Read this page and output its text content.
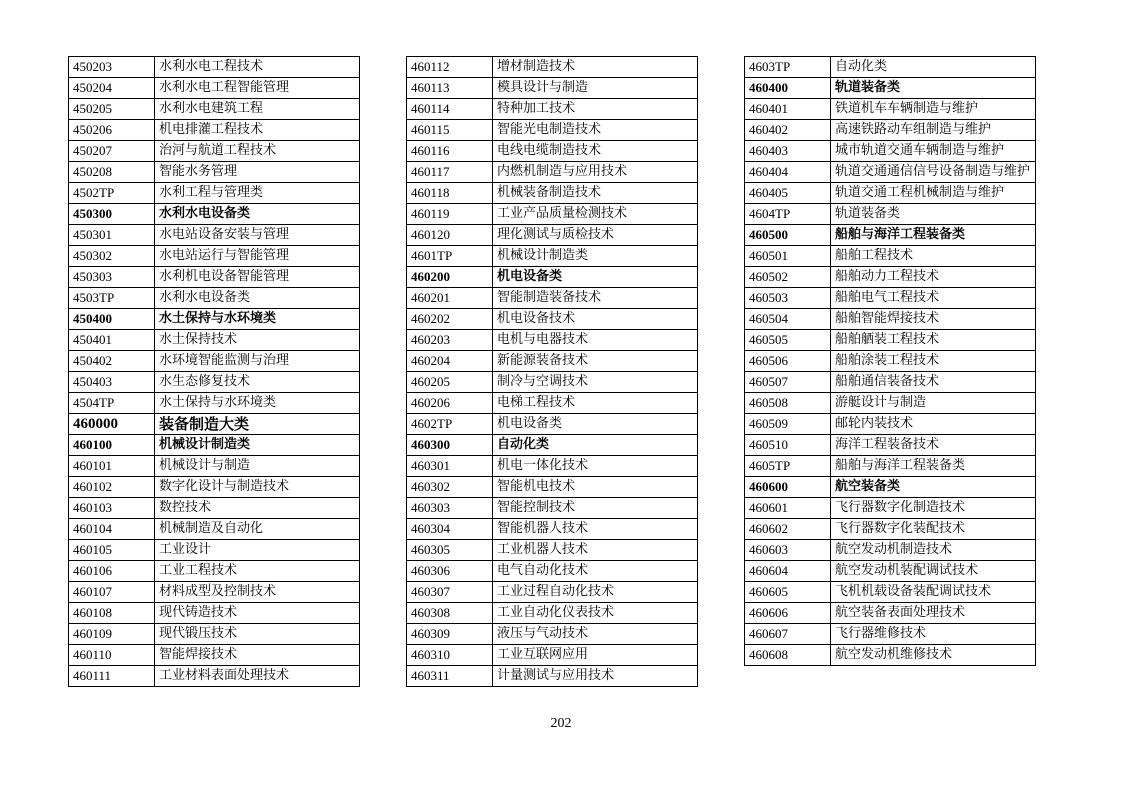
450203	水利水电工程技术
450204	水利水电工程智能管理
450205	水利水电建筑工程
450206	机电排灌工程技术
450207	治河与航道工程技术
450208	智能水务管理
4502TP	水利工程与管理类
450300	水利水电设备类
450301	水电站设备安装与管理
450302	水电站运行与智能管理
450303	水利机电设备智能管理
4503TP	水利水电设备类
450400	水土保持与水环境类
450401	水土保持技术
450402	水环境智能监测与治理
450403	水生态修复技术
4504TP	水土保持与水环境类
460000	装备制造大类
460100	机械设计制造类
460101	机械设计与制造
460102	数字化设计与制造技术
460103	数控技术
460104	机械制造及自动化
460105	工业设计
460106	工业工程技术
460107	材料成型及控制技术
460108	现代铸造技术
460109	现代锻压技术
460110	智能焊接技术
460111	工业材料表面处理技术
460112	增材制造技术
460113	模具设计与制造
460114	特种加工技术
460115	智能光电制造技术
460116	电线电缆制造技术
460117	内燃机制造与应用技术
460118	机械装备制造技术
460119	工业产品质量检测技术
460120	理化测试与质检技术
4601TP	机械设计制造类
460200	机电设备类
460201	智能制造装备技术
460202	机电设备技术
460203	电机与电器技术
460204	新能源装备技术
460205	制冷与空调技术
460206	电梯工程技术
4602TP	机电设备类
460300	自动化类
460301	机电一体化技术
460302	智能机电技术
460303	智能控制技术
460304	智能机器人技术
460305	工业机器人技术
460306	电气自动化技术
460307	工业过程自动化技术
460308	工业自动化仪表技术
460309	液压与气动技术
460310	工业互联网应用
460311	计量测试与应用技术
4603TP	自动化类
460400	轨道装备类
460401	铁道机车车辆制造与维护
460402	高速铁路动车组制造与维护
460403	城市轨道交通车辆制造与维护
460404	轨道交通通信信号设备制造与维护
460405	轨道交通工程机械制造与维护
4604TP	轨道装备类
460500	船舶与海洋工程装备类
460501	船舶工程技术
460502	船舶动力工程技术
460503	船舶电气工程技术
460504	船舶智能焊接技术
460505	船舶舾装工程技术
460506	船舶涂装工程技术
460507	船舶通信装备技术
460508	游艇设计与制造
460509	邮轮内装技术
460510	海洋工程装备技术
4605TP	船舶与海洋工程装备类
460600	航空装备类
460601	飞行器数字化制造技术
460602	飞行器数字化装配技术
460603	航空发动机制造技术
460604	航空发动机装配调试技术
460605	飞机机载设备装配调试技术
460606	航空装备表面处理技术
460607	飞行器维修技术
460608	航空发动机维修技术
202
